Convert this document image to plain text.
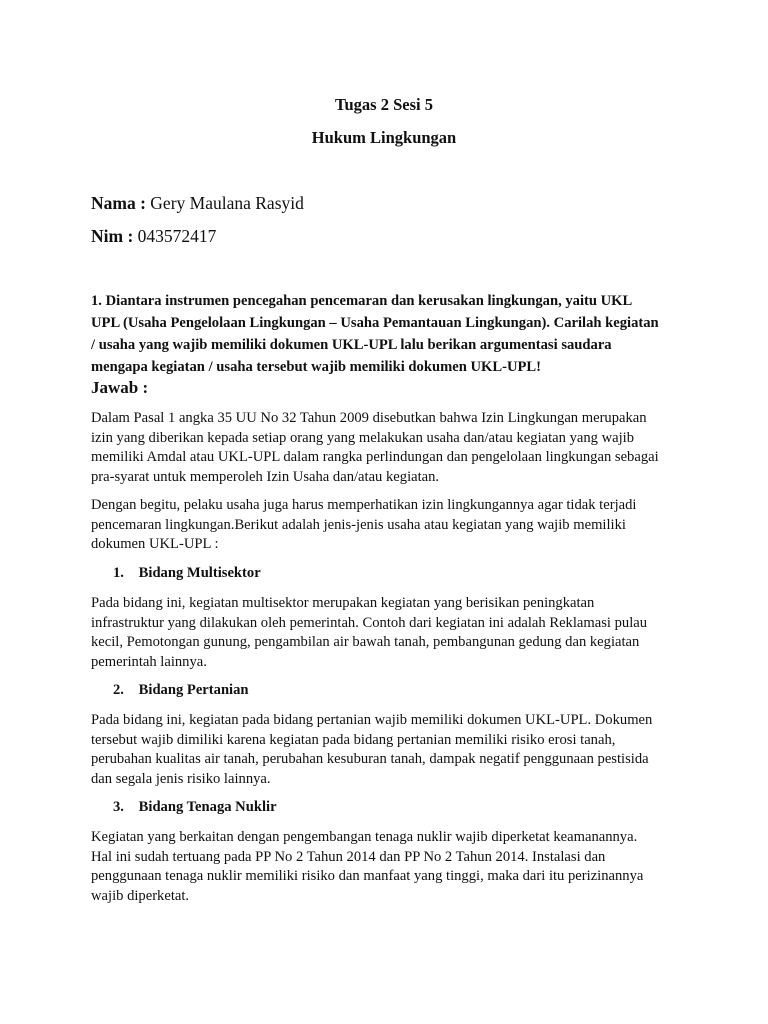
Tugas 2 Sesi 5
Hukum Lingkungan
Nama : Gery Maulana Rasyid
Nim : 043572417
1. Diantara instrumen pencegahan pencemaran dan kerusakan lingkungan, yaitu UKL
UPL (Usaha Pengelolaan Lingkungan – Usaha Pemantauan Lingkungan). Carilah kegiatan
/ usaha yang wajib memiliki dokumen UKL-UPL lalu berikan argumentasi saudara
mengapa kegiatan / usaha tersebut wajib memiliki dokumen UKL-UPL!
Jawab :
Dalam Pasal 1 angka 35 UU No 32 Tahun 2009 disebutkan bahwa Izin Lingkungan merupakan
izin yang diberikan kepada setiap orang yang melakukan usaha dan/atau kegiatan yang wajib
memiliki Amdal atau UKL-UPL dalam rangka perlindungan dan pengelolaan lingkungan sebagai
pra-syarat untuk memperoleh Izin Usaha dan/atau kegiatan.
Dengan begitu, pelaku usaha juga harus memperhatikan izin lingkungannya agar tidak terjadi
pencemaran lingkungan.Berikut adalah jenis-jenis usaha atau kegiatan yang wajib memiliki
dokumen UKL-UPL :
1. Bidang Multisektor
Pada bidang ini, kegiatan multisektor merupakan kegiatan yang berisikan peningkatan
infrastruktur yang dilakukan oleh pemerintah. Contoh dari kegiatan ini adalah Reklamasi pulau
kecil, Pemotongan gunung, pengambilan air bawah tanah, pembangunan gedung dan kegiatan
pemerintah lainnya.
2. Bidang Pertanian
Pada bidang ini, kegiatan pada bidang pertanian wajib memiliki dokumen UKL-UPL. Dokumen
tersebut wajib dimiliki karena kegiatan pada bidang pertanian memiliki risiko erosi tanah,
perubahan kualitas air tanah, perubahan kesuburan tanah, dampak negatif penggunaan pestisida
dan segala jenis risiko lainnya.
3. Bidang Tenaga Nuklir
Kegiatan yang berkaitan dengan pengembangan tenaga nuklir wajib diperketat keamanannya.
Hal ini sudah tertuang pada PP No 2 Tahun 2014 dan PP No 2 Tahun 2014. Instalasi dan
penggunaan tenaga nuklir memiliki risiko dan manfaat yang tinggi, maka dari itu perizinannya
wajib diperketat.
